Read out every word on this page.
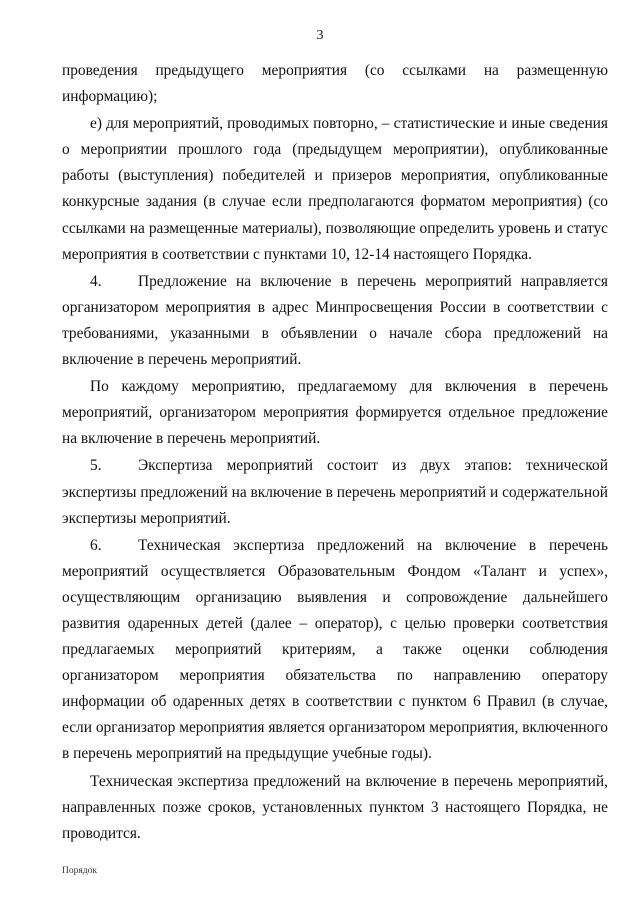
3

проведения предыдущего мероприятия (со ссылками на размещенную информацию);

е) для мероприятий, проводимых повторно, – статистические и иные сведения о мероприятии прошлого года (предыдущем мероприятии), опубликованные работы (выступления) победителей и призеров мероприятия, опубликованные конкурсные задания (в случае если предполагаются форматом мероприятия) (со ссылками на размещенные материалы), позволяющие определить уровень и статус мероприятия в соответствии с пунктами 10, 12-14 настоящего Порядка.

4. Предложение на включение в перечень мероприятий направляется организатором мероприятия в адрес Минпросвещения России в соответствии с требованиями, указанными в объявлении о начале сбора предложений на включение в перечень мероприятий.

По каждому мероприятию, предлагаемому для включения в перечень мероприятий, организатором мероприятия формируется отдельное предложение на включение в перечень мероприятий.

5. Экспертиза мероприятий состоит из двух этапов: технической экспертизы предложений на включение в перечень мероприятий и содержательной экспертизы мероприятий.

6. Техническая экспертиза предложений на включение в перечень мероприятий осуществляется Образовательным Фондом «Талант и успех», осуществляющим организацию выявления и сопровождение дальнейшего развития одаренных детей (далее – оператор), с целью проверки соответствия предлагаемых мероприятий критериям, а также оценки соблюдения организатором мероприятия обязательства по направлению оператору информации об одаренных детях в соответствии с пунктом 6 Правил (в случае, если организатор мероприятия является организатором мероприятия, включенного в перечень мероприятий на предыдущие учебные годы).

Техническая экспертиза предложений на включение в перечень мероприятий, направленных позже сроков, установленных пунктом 3 настоящего Порядка, не проводится.

Порядок
